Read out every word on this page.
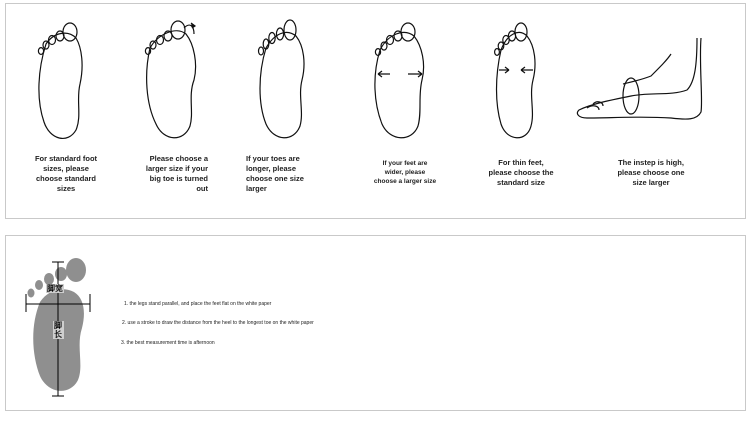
For standard foot
sizes, please
choose standard
sizes
Please choose a
larger size if your
big toe is turned
out
If your toes are
longer, please
choose one size
larger
If your feet are
wider, please
choose a larger size
For thin feet,
please choose the
standard size
The instep is high,
please choose one
size larger
脚宽
脚长
1. the legs stand parallel, and place the feet flat on the white paper
2. use a stroke to draw the distance from the heel to the longest toe on the white paper
3. the best measurement time is afternoon
